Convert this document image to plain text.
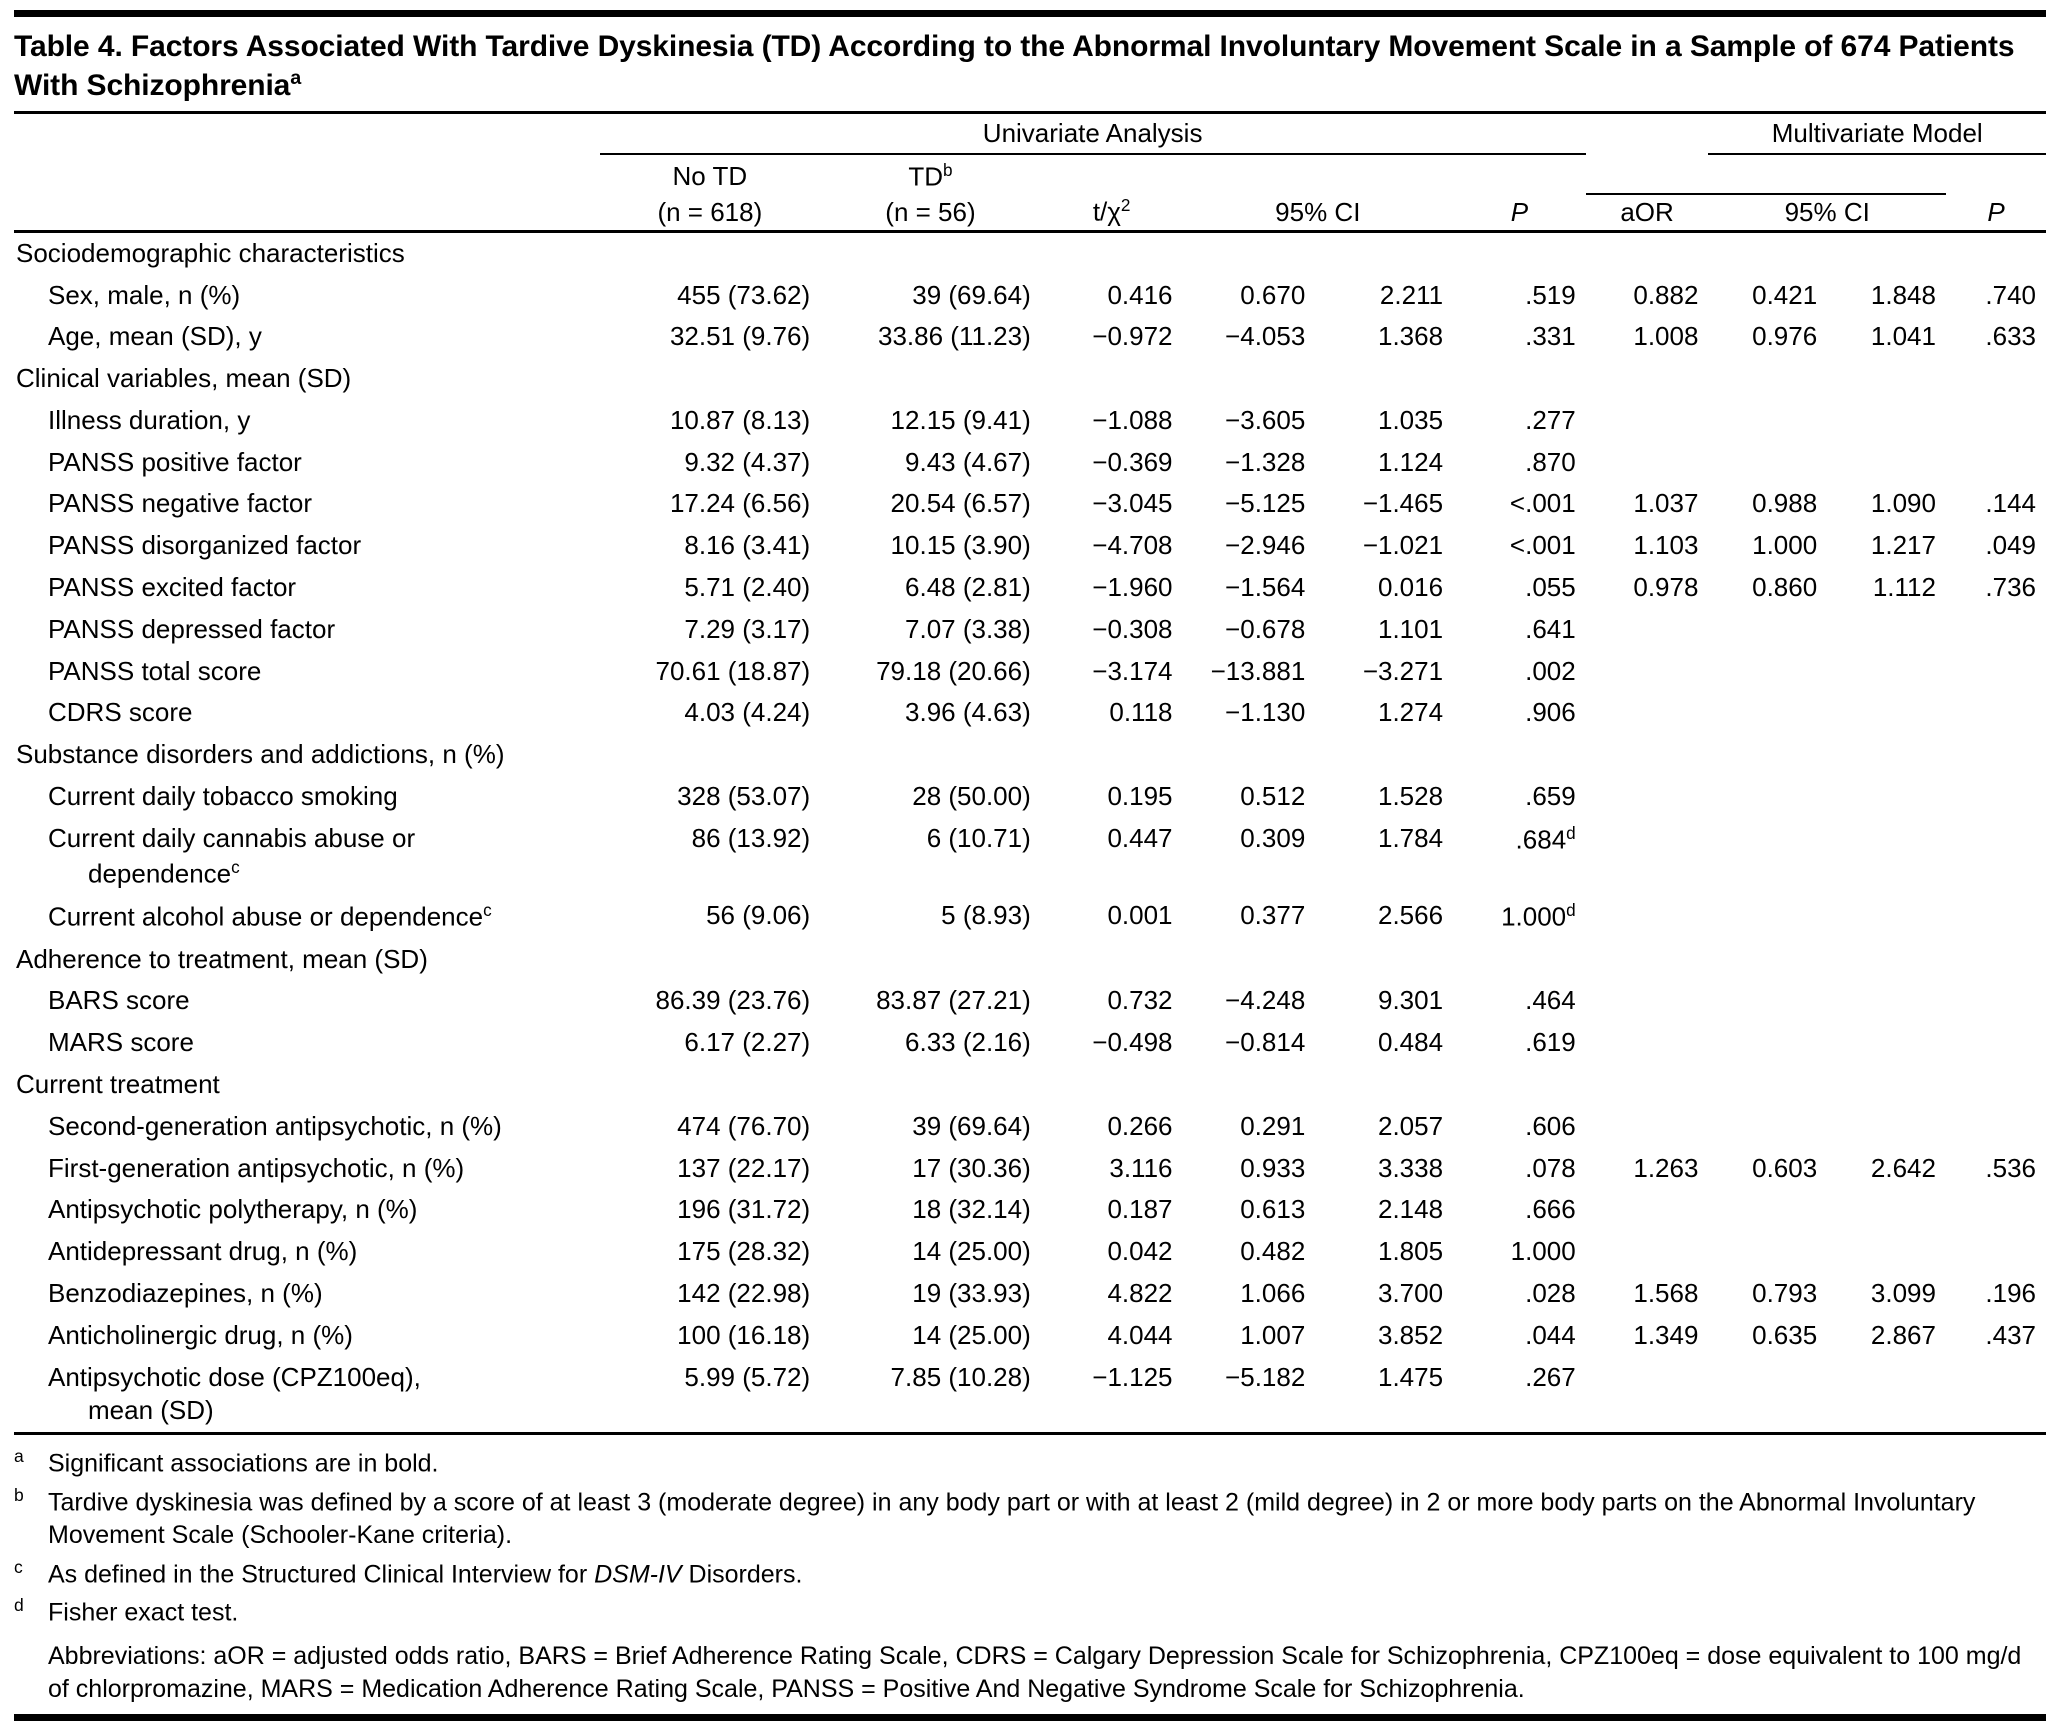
Table 4. Factors Associated With Tardive Dyskinesia (TD) According to the Abnormal Involuntary Movement Scale in a Sample of 674 Patients With Schizophrenia$^a$

	Univariate Analysis							Multivariate Model		
	No TD	$TD^b$					
	(n = 618)	(n = 56)	$t/\chi^2$	95% CI		P	aOR	95% CI		P
Sociodemographic characteristics										
Sex, male, n (%)	455 (73.62)	39 (69.64)	0.416	0.670	2.211	.519	0.882	0.421	1.848	.740
Age, mean (SD), y	32.51 (9.76)	33.86 (11.23)	−0.972	−4.053	1.368	.331	1.008	0.976	1.041	.633
Clinical variables, mean (SD)										
Illness duration, y	10.87 (8.13)	12.15 (9.41)	−1.088	−3.605	1.035	.277				
PANSS positive factor	9.32 (4.37)	9.43 (4.67)	−0.369	−1.328	1.124	.870				
PANSS negative factor	17.24 (6.56)	20.54 (6.57)	−3.045	−5.125	−1.465	<.001	1.037	0.988	1.090	.144
PANSS disorganized factor	8.16 (3.41)	10.15 (3.90)	−4.708	−2.946	−1.021	<.001	1.103	1.000	1.217	.049
PANSS excited factor	5.71 (2.40)	6.48 (2.81)	−1.960	−1.564	0.016	.055	0.978	0.860	1.112	.736
PANSS depressed factor	7.29 (3.17)	7.07 (3.38)	−0.308	−0.678	1.101	.641				
PANSS total score	70.61 (18.87)	79.18 (20.66)	−3.174	−13.881	−3.271	.002				
CDRS score	4.03 (4.24)	3.96 (4.63)	0.118	−1.130	1.274	.906				
Substance disorders and addictions, n (%)										
Current daily tobacco smoking	328 (53.07)	28 (50.00)	0.195	0.512	1.528	.659				
Current daily cannabis abuse or
dependence$^c$	86 (13.92)	6 (10.71)	0.447	0.309	1.784	.684$^d$				
Current alcohol abuse or dependence$^c$	56 (9.06)	5 (8.93)	0.001	0.377	2.566	1.000$^d$				
Adherence to treatment, mean (SD)										
BARS score	86.39 (23.76)	83.87 (27.21)	0.732	−4.248	9.301	.464				
MARS score	6.17 (2.27)	6.33 (2.16)	−0.498	−0.814	0.484	.619				
Current treatment										
Second-generation antipsychotic, n (%)	474 (76.70)	39 (69.64)	0.266	0.291	2.057	.606				
First-generation antipsychotic, n (%)	137 (22.17)	17 (30.36)	3.116	0.933	3.338	.078	1.263	0.603	2.642	.536
Antipsychotic polytherapy, n (%)	196 (31.72)	18 (32.14)	0.187	0.613	2.148	.666				
Antidepressant drug, n (%)	175 (28.32)	14 (25.00)	0.042	0.482	1.805	1.000				
Benzodiazepines, n (%)	142 (22.98)	19 (33.93)	4.822	1.066	3.700	.028	1.568	0.793	3.099	.196
Anticholinergic drug, n (%)	100 (16.18)	14 (25.00)	4.044	1.007	3.852	.044	1.349	0.635	2.867	.437
Antipsychotic dose (CPZ100eq),
mean (SD)	5.99 (5.72)	7.85 (10.28)	−1.125	−5.182	1.475	.267				

$^a$ Significant associations are in bold.

$^b$ Tardive dyskinesia was defined by a score of at least 3 (moderate degree) in any body part or with at least 2 (mild degree) in 2 or more body parts on the Abnormal Involuntary Movement Scale (Schooler-Kane criteria).

$^c$ As defined in the Structured Clinical Interview for DSM-IV Disorders.

$^d$ Fisher exact test.

Abbreviations: aOR = adjusted odds ratio, BARS = Brief Adherence Rating Scale, CDRS = Calgary Depression Scale for Schizophrenia, CPZ100eq = dose equivalent to 100 mg/d of chlorpromazine, MARS = Medication Adherence Rating Scale, PANSS = Positive And Negative Syndrome Scale for Schizophrenia.
